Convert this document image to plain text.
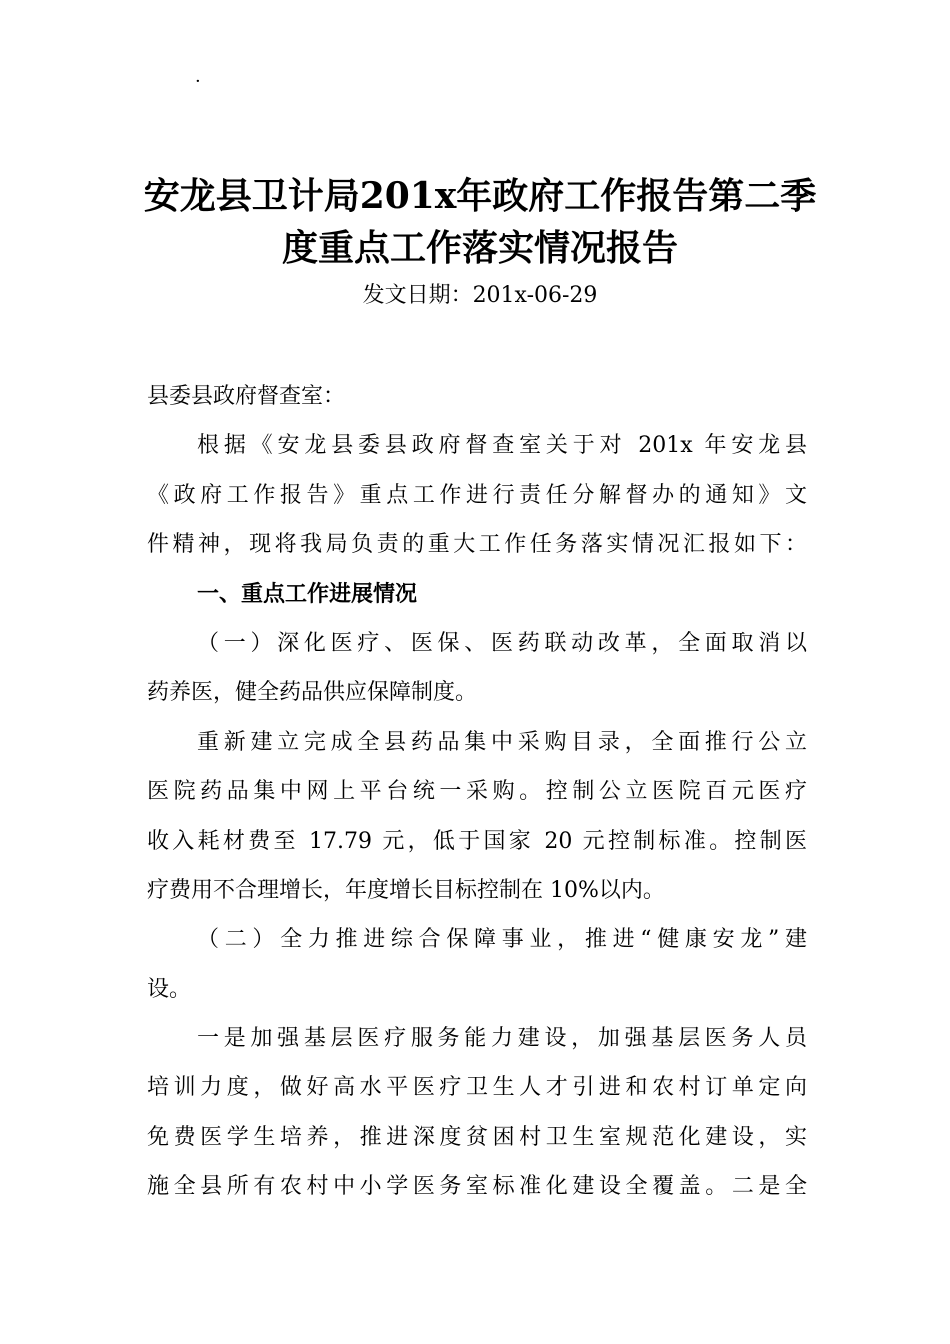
·
安龙县卫计局201x年政府工作报告第二季
度重点工作落实情况报告
发文日期：201x-06-29
县委县政府督查室：
根据《安龙县委县政府督查室关于对 201x 年安龙县
《政府工作报告》重点工作进行责任分解督办的通知》文
件精神，现将我局负责的重大工作任务落实情况汇报如下：
一、重点工作进展情况
（一）深化医疗、医保、医药联动改革，全面取消以
药养医，健全药品供应保障制度。
重新建立完成全县药品集中采购目录，全面推行公立
医院药品集中网上平台统一采购。控制公立医院百元医疗
收入耗材费至 17.79 元，低于国家 20 元控制标准。控制医
疗费用不合理增长，年度增长目标控制在 10%以内。
（二）全力推进综合保障事业，推进“健康安龙”建
设。
一是加强基层医疗服务能力建设，加强基层医务人员
培训力度，做好高水平医疗卫生人才引进和农村订单定向
免费医学生培养，推进深度贫困村卫生室规范化建设，实
施全县所有农村中小学医务室标准化建设全覆盖。二是全
